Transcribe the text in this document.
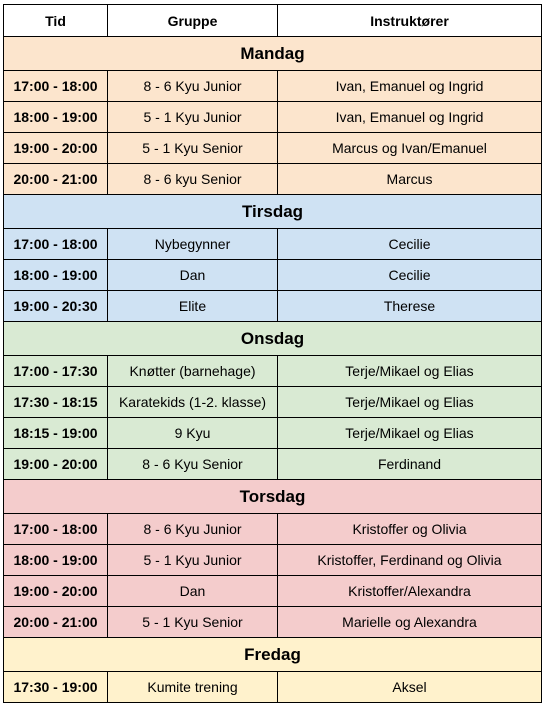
Tid	Gruppe	Instruktører
Mandag		
17:00 - 18:00	8 - 6 Kyu Junior	Ivan, Emanuel og Ingrid
18:00 - 19:00	5 - 1 Kyu Junior	Ivan, Emanuel og Ingrid
19:00 - 20:00	5 - 1 Kyu Senior	Marcus og Ivan/Emanuel
20:00 - 21:00	8 - 6 kyu Senior	Marcus
Tirsdag		
17:00 - 18:00	Nybegynner	Cecilie
18:00 - 19:00	Dan	Cecilie
19:00 - 20:30	Elite	Therese
Onsdag		
17:00 - 17:30	Knøtter (barnehage)	Terje/Mikael og Elias
17:30 - 18:15	Karatekids (1-2. klasse)	Terje/Mikael og Elias
18:15 - 19:00	9 Kyu	Terje/Mikael og Elias
19:00 - 20:00	8 - 6 Kyu Senior	Ferdinand
Torsdag		
17:00 - 18:00	8 - 6 Kyu Junior	Kristoffer og Olivia
18:00 - 19:00	5 - 1 Kyu Junior	Kristoffer, Ferdinand og Olivia
19:00 - 20:00	Dan	Kristoffer/Alexandra
20:00 - 21:00	5 - 1 Kyu Senior	Marielle og Alexandra
Fredag		
17:30 - 19:00	Kumite trening	Aksel
